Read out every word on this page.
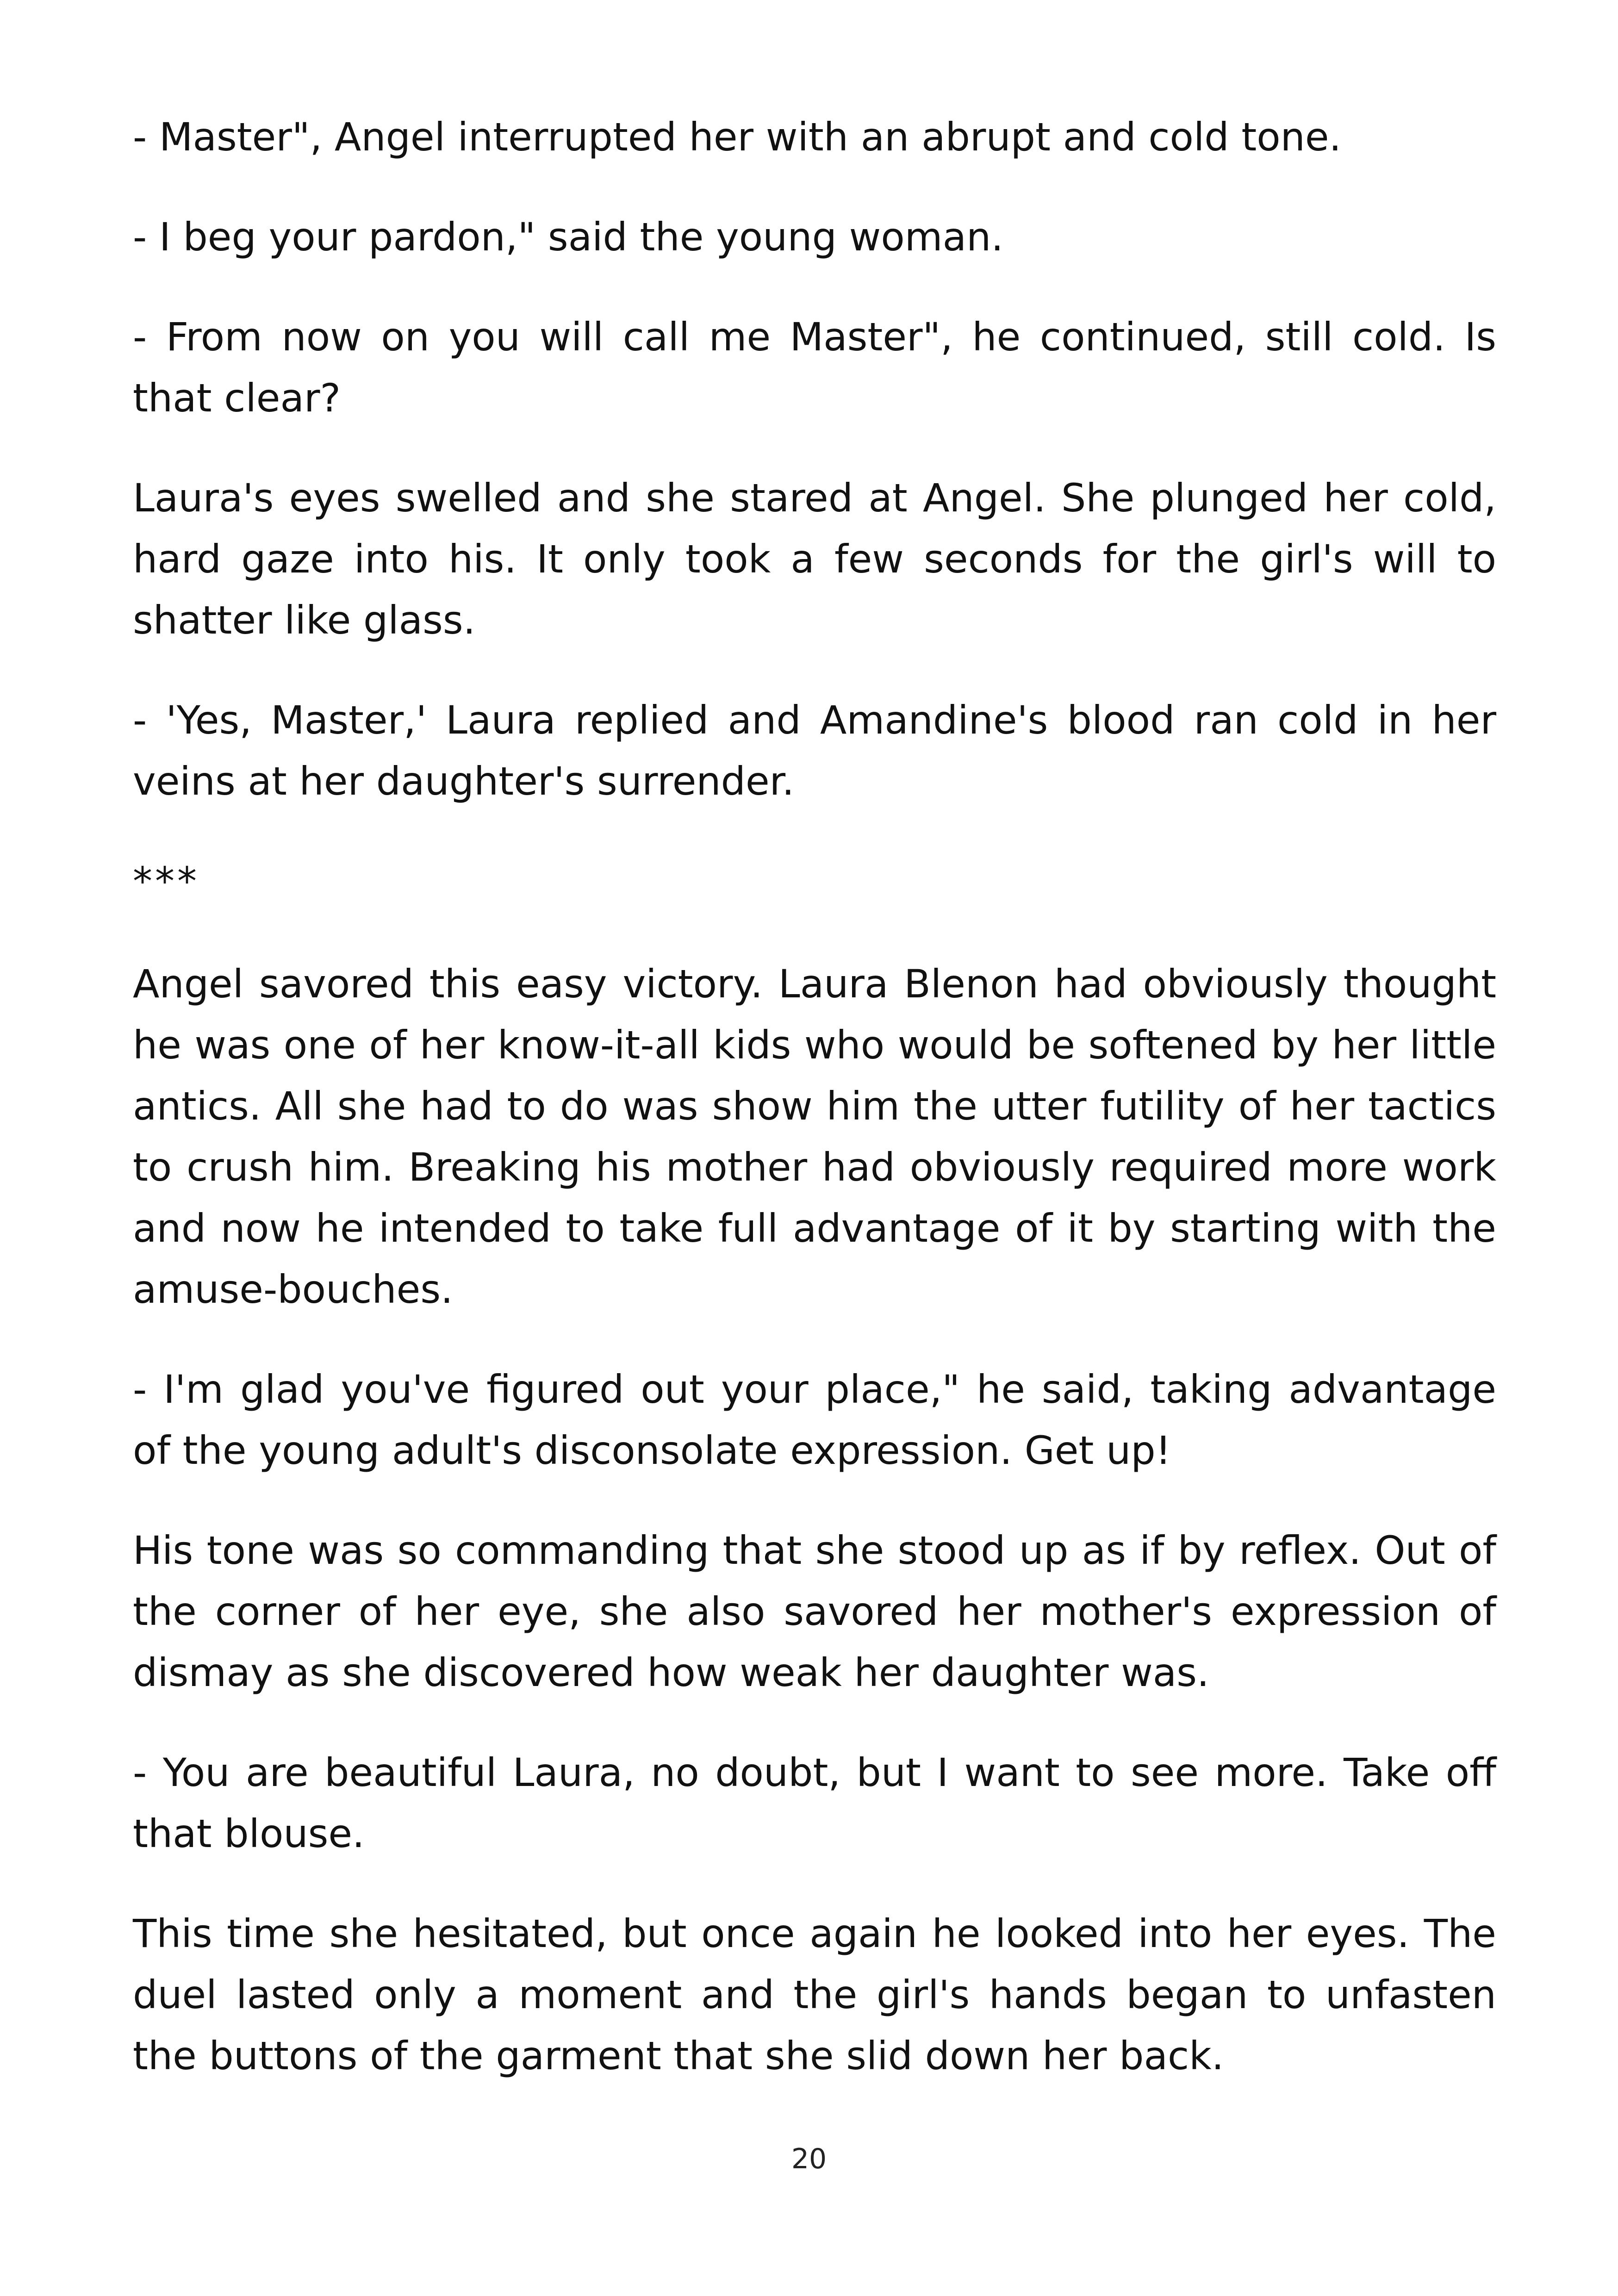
- Master", Angel interrupted her with an abrupt and cold tone.

- I beg your pardon," said the young woman.

- From now on you will call me Master", he continued, still cold. Is that clear?

Laura's eyes swelled and she stared at Angel. She plunged her cold, hard gaze into his. It only took a few seconds for the girl's will to shatter like glass.

- 'Yes, Master,' Laura replied and Amandine's blood ran cold in her veins at her daughter's surrender.

***

Angel savored this easy victory. Laura Blenon had obviously thought he was one of her know-it-all kids who would be softened by her little antics. All she had to do was show him the utter futility of her tactics to crush him. Breaking his mother had obviously required more work and now he intended to take full advantage of it by starting with the amuse-bouches.

- I'm glad you've figured out your place," he said, taking advantage of the young adult's disconsolate expression. Get up!

His tone was so commanding that she stood up as if by reflex. Out of the corner of her eye, she also savored her mother's expression of dismay as she discovered how weak her daughter was.

- You are beautiful Laura, no doubt, but I want to see more. Take off that blouse.

This time she hesitated, but once again he looked into her eyes. The duel lasted only a moment and the girl's hands began to unfasten the buttons of the garment that she slid down her back.

20
